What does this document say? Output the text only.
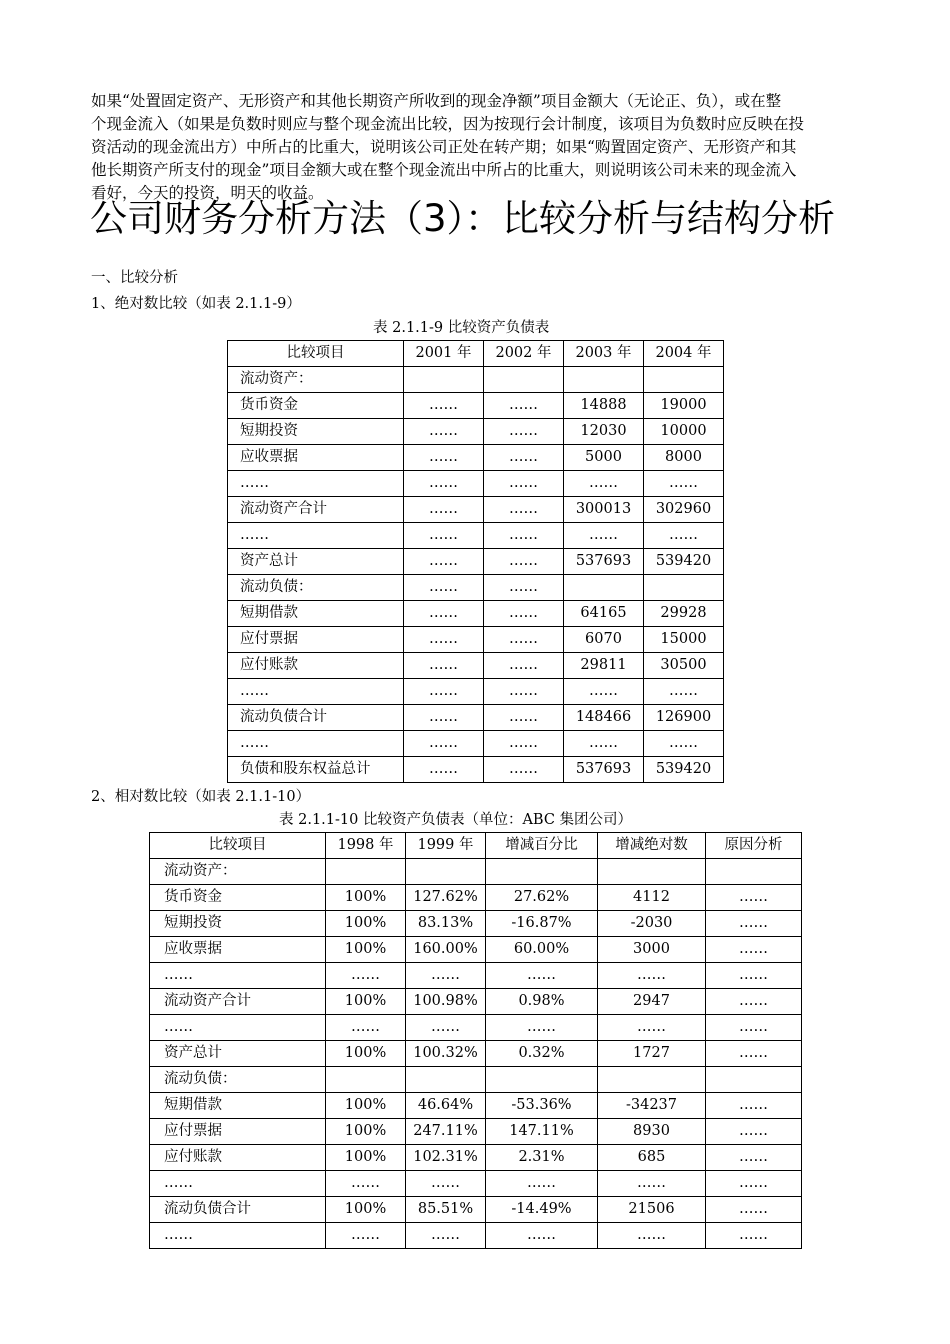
如果“处置固定资产、无形资产和其他长期资产所收到的现金净额”项目金额大（无论正、负），或在整
个现金流入（如果是负数时则应与整个现金流出比较，因为按现行会计制度，该项目为负数时应反映在投
资活动的现金流出方）中所占的比重大，说明该公司正处在转产期；如果“购置固定资产、无形资产和其
他长期资产所支付的现金”项目金额大或在整个现金流出中所占的比重大，则说明该公司未来的现金流入
看好，今天的投资，明天的收益。
公司财务分析方法（3）：比较分析与结构分析
一、比较分析
1、绝对数比较（如表 2.1.1-9）
表 2.1.1-9 比较资产负债表
比较项目	2001 年	2002 年	2003 年	2004 年
流动资产：				
货币资金	……	……	14888	19000
短期投资	……	……	12030	10000
应收票据	……	……	5000	8000
……	……	……	……	……
流动资产合计	……	……	300013	302960
……	……	……	……	……
资产总计	……	……	537693	539420
流动负债：	……	……		
短期借款	……	……	64165	29928
应付票据	……	……	6070	15000
应付账款	……	……	29811	30500
……	……	……	……	……
流动负债合计	……	……	148466	126900
……	……	……	……	……
负债和股东权益总计	……	……	537693	539420
2、相对数比较（如表 2.1.1-10）
表 2.1.1-10 比较资产负债表（单位：ABC 集团公司）
比较项目	1998 年	1999 年	增减百分比	增减绝对数	原因分析
流动资产：					
货币资金	100%	127.62%	27.62%	4112	……
短期投资	100%	83.13%	-16.87%	-2030	……
应收票据	100%	160.00%	60.00%	3000	……
……	……	……	……	……	……
流动资产合计	100%	100.98%	0.98%	2947	……
……	……	……	……	……	……
资产总计	100%	100.32%	0.32%	1727	……
流动负债：					
短期借款	100%	46.64%	-53.36%	-34237	……
应付票据	100%	247.11%	147.11%	8930	……
应付账款	100%	102.31%	2.31%	685	……
……	……	……	……	……	……
流动负债合计	100%	85.51%	-14.49%	21506	……
……	……	……	……	……	……
